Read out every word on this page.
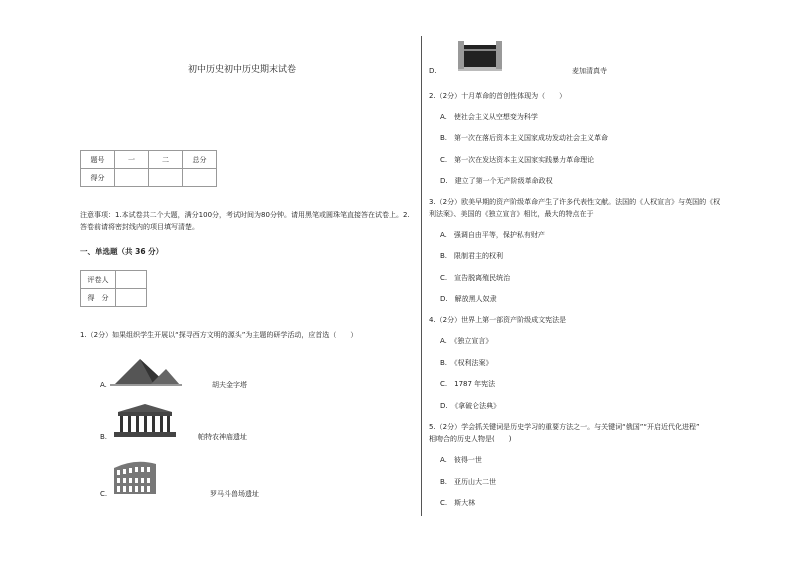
初中历史初中历史期末试卷
题号	一	二	总分
得分			
注意事项：1.本试卷共二个大题，满分100分，考试时间为80分钟。请用黑笔或圆珠笔直接答在试卷上。2.
答卷前请将密封线内的项目填写清楚。
一、单选题（共 36 分）
评卷人	
得　分	
1.（2分）如果组织学生开展以“探寻西方文明的源头”为主题的研学活动，应首选（　　）
A.	胡夫金字塔
B.	帕特农神庙遗址
C.	罗马斗兽场遗址
D.	麦加清真寺
2.（2分）十月革命的首创性体现为（　　）
A.　使社会主义从空想变为科学
B.　第一次在落后资本主义国家成功发动社会主义革命
C.　第一次在发达资本主义国家实践暴力革命理论
D.　建立了第一个无产阶级革命政权
3.（2分）欧美早期的资产阶级革命产生了许多代表性文献。法国的《人权宣言》与英国的《权
利法案》、美国的《独立宣言》相比，最大的特点在于
A.　强调自由平等，保护私有财产
B.　限制君主的权利
C.　宣告脱离殖民统治
D.　解放黑人奴隶
4.（2分）世界上第一部资产阶级成文宪法是
A.　《独立宣言》
B.　《权利法案》
C.　1787 年宪法
D.　《拿破仑法典》
5.（2分）学会抓关键词是历史学习的重要方法之一。与关键词“俄国”“开启近代化进程”
相吻合的历史人物是(　　)
A.　彼得一世
B.　亚历山大二世
C.　斯大林
